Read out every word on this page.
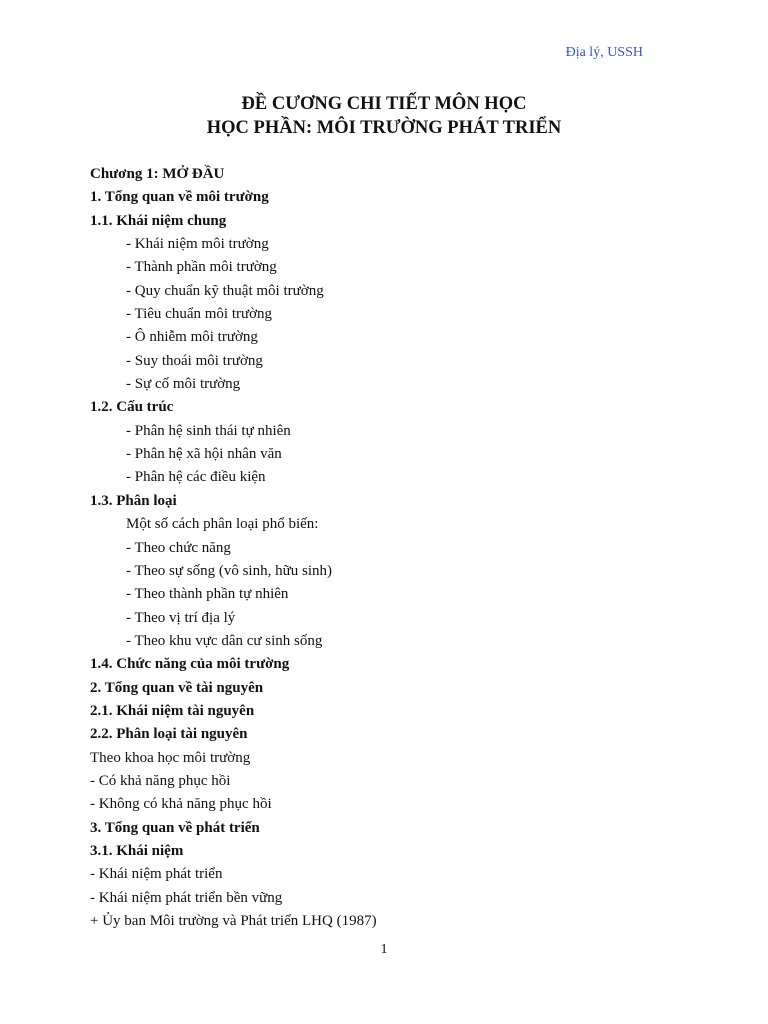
Địa lý, USSH
ĐỀ CƯƠNG CHI TIẾT MÔN HỌC
HỌC PHẦN: MÔI TRƯỜNG PHÁT TRIỂN
Chương 1: MỞ ĐẦU
1. Tổng quan về môi trường
1.1. Khái niệm chung
- Khái niệm môi trường
- Thành phần môi trường
- Quy chuẩn kỹ thuật môi trường
- Tiêu chuẩn môi trường
- Ô nhiễm môi trường
- Suy thoái môi trường
- Sự cố môi trường
1.2. Cấu trúc
- Phân hệ sinh thái tự nhiên
- Phân hệ xã hội nhân văn
- Phân hệ các điều kiện
1.3. Phân loại
Một số cách phân loại phổ biến:
- Theo chức năng
- Theo sự sống (vô sinh, hữu sinh)
- Theo thành phần tự nhiên
- Theo vị trí địa lý
- Theo khu vực dân cư sinh sống
1.4. Chức năng của môi trường
2. Tổng quan về tài nguyên
2.1. Khái niệm tài nguyên
2.2. Phân loại tài nguyên
Theo khoa học môi trường
- Có khả năng phục hồi
- Không có khả năng phục hồi
3. Tổng quan về phát triển
3.1. Khái niệm
- Khái niệm phát triển
- Khái niệm phát triển bền vững
+ Ủy ban Môi trường và Phát triển LHQ (1987)
1
